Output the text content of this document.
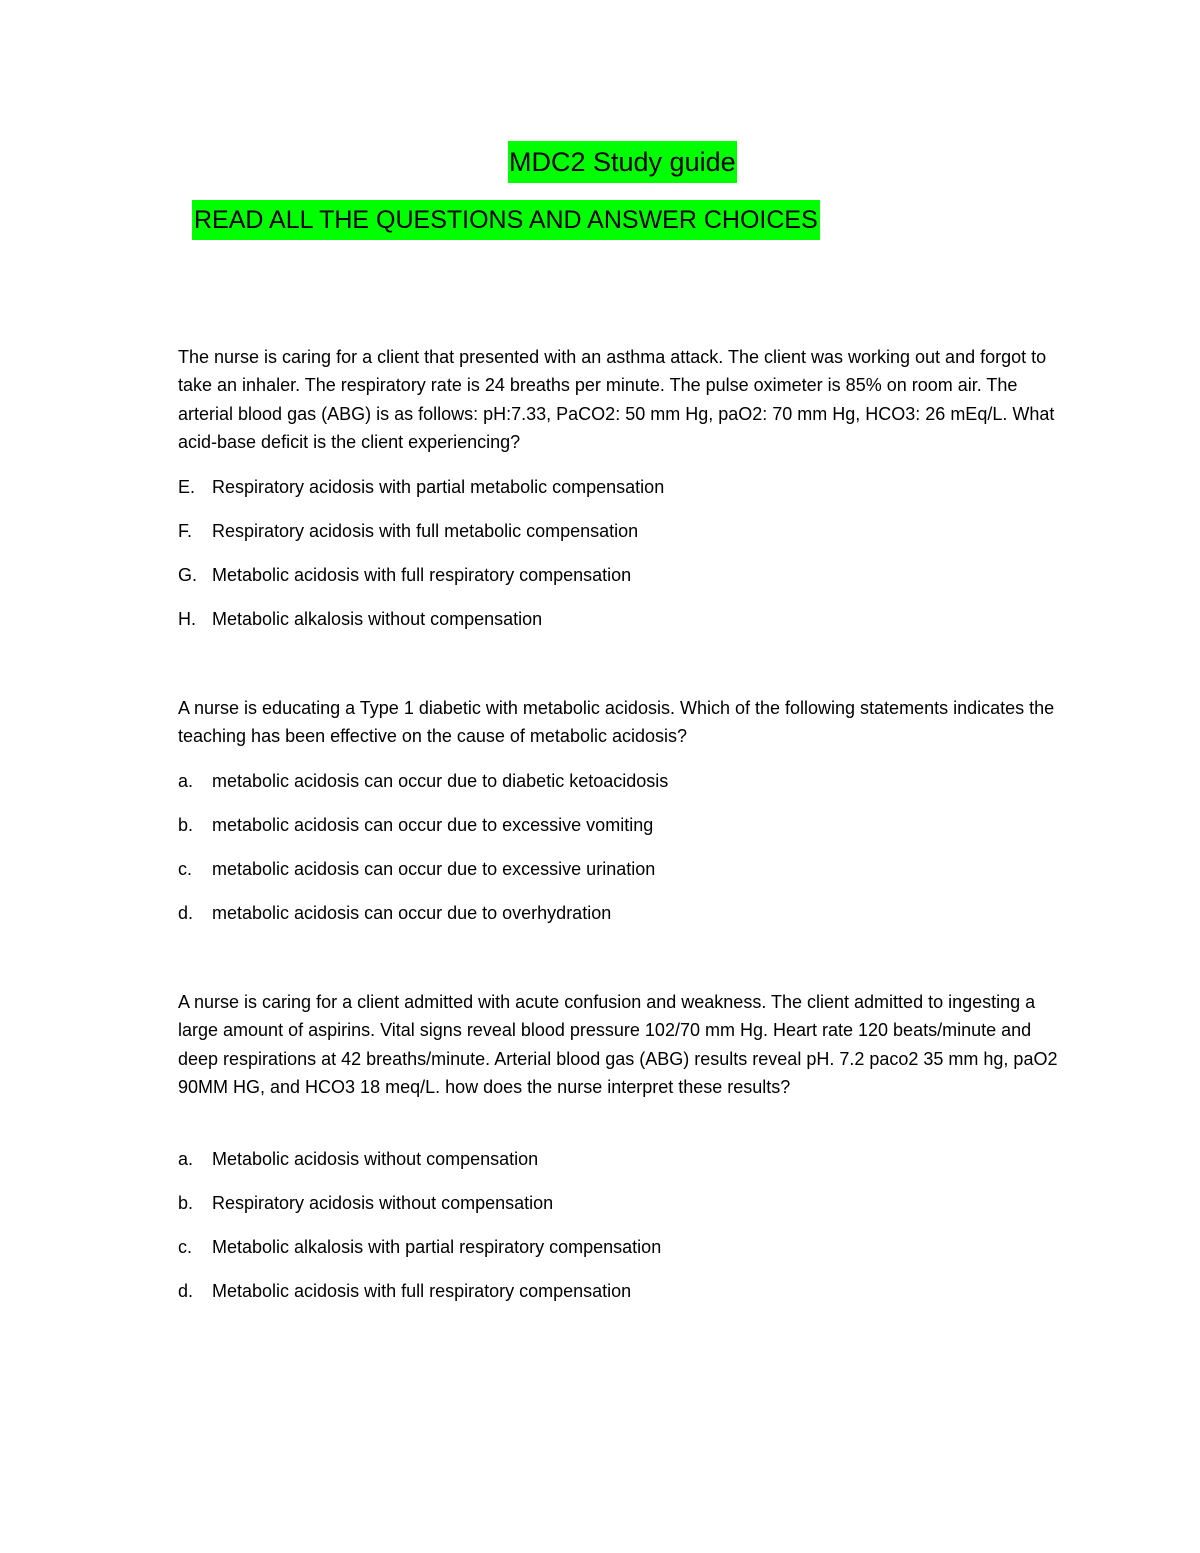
MDC2 Study guide
READ ALL THE QUESTIONS AND ANSWER CHOICES

The nurse is caring for a client that presented with an asthma attack. The client was working out and forgot to take an inhaler. The respiratory rate is 24 breaths per minute. The pulse oximeter is 85% on room air. The arterial blood gas (ABG) is as follows: pH:7.33, PaCO2: 50 mm Hg, paO2: 70 mm Hg, HCO3: 26 mEq/L. What acid-base deficit is the client experiencing?

E. Respiratory acidosis with partial metabolic compensation
F. Respiratory acidosis with full metabolic compensation
G. Metabolic acidosis with full respiratory compensation
H. Metabolic alkalosis without compensation

A nurse is educating a Type 1 diabetic with metabolic acidosis. Which of the following statements indicates the teaching has been effective on the cause of metabolic acidosis?

a. metabolic acidosis can occur due to diabetic ketoacidosis
b. metabolic acidosis can occur due to excessive vomiting
c. metabolic acidosis can occur due to excessive urination
d. metabolic acidosis can occur due to overhydration

A nurse is caring for a client admitted with acute confusion and weakness. The client admitted to ingesting a large amount of aspirins. Vital signs reveal blood pressure 102/70 mm Hg. Heart rate 120 beats/minute and deep respirations at 42 breaths/minute. Arterial blood gas (ABG) results reveal pH. 7.2 paco2 35 mm hg, paO2 90MM HG, and HCO3 18 meq/L. how does the nurse interpret these results?

a. Metabolic acidosis without compensation
b. Respiratory acidosis without compensation
c. Metabolic alkalosis with partial respiratory compensation
d. Metabolic acidosis with full respiratory compensation
